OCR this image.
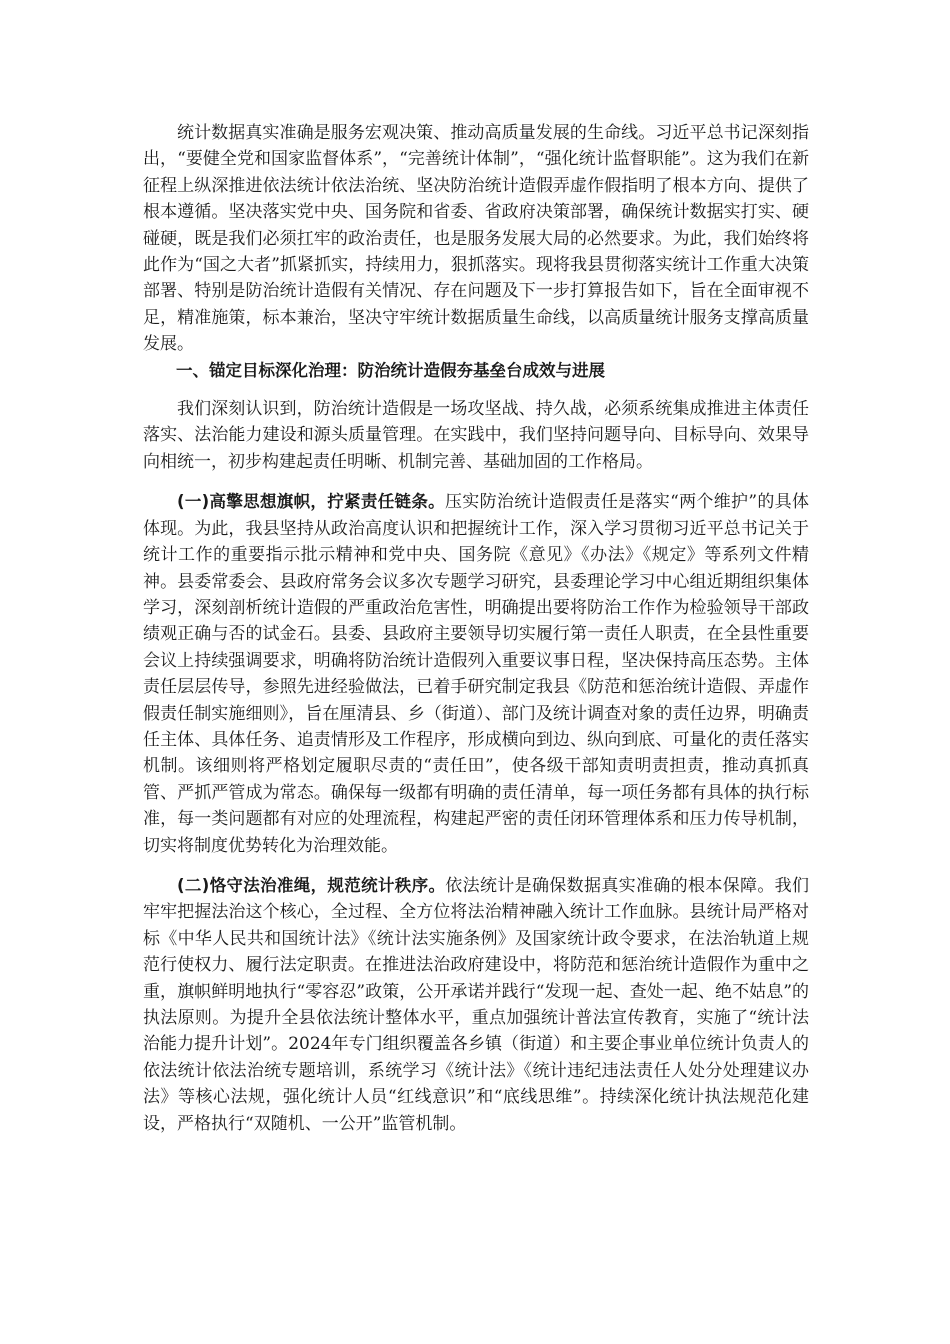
统计数据真实准确是服务宏观决策、推动高质量发展的生命线。习近平总书记深刻指出，“要健全党和国家监督体系”，“完善统计体制”，“强化统计监督职能”。这为我们在新征程上纵深推进依法统计依法治统、坚决防治统计造假弄虚作假指明了根本方向、提供了根本遵循。坚决落实党中央、国务院和省委、省政府决策部署，确保统计数据实打实、硬碰硬，既是我们必须扛牢的政治责任，也是服务发展大局的必然要求。为此，我们始终将此作为“国之大者”抓紧抓实，持续用力，狠抓落实。现将我县贯彻落实统计工作重大决策部署、特别是防治统计造假有关情况、存在问题及下一步打算报告如下，旨在全面审视不足，精准施策，标本兼治，坚决守牢统计数据质量生命线，以高质量统计服务支撑高质量发展。

一、锚定目标深化治理：防治统计造假夯基垒台成效与进展

我们深刻认识到，防治统计造假是一场攻坚战、持久战，必须系统集成推进主体责任落实、法治能力建设和源头质量管理。在实践中，我们坚持问题导向、目标导向、效果导向相统一，初步构建起责任明晰、机制完善、基础加固的工作格局。

(一)高擎思想旗帜，拧紧责任链条。压实防治统计造假责任是落实“两个维护”的具体体现。为此，我县坚持从政治高度认识和把握统计工作，深入学习贯彻习近平总书记关于统计工作的重要指示批示精神和党中央、国务院《意见》《办法》《规定》等系列文件精神。县委常委会、县政府常务会议多次专题学习研究，县委理论学习中心组近期组织集体学习，深刻剖析统计造假的严重政治危害性，明确提出要将防治工作作为检验领导干部政绩观正确与否的试金石。县委、县政府主要领导切实履行第一责任人职责，在全县性重要会议上持续强调要求，明确将防治统计造假列入重要议事日程，坚决保持高压态势。主体责任层层传导，参照先进经验做法，已着手研究制定我县《防范和惩治统计造假、弄虚作假责任制实施细则》，旨在厘清县、乡（街道）、部门及统计调查对象的责任边界，明确责任主体、具体任务、追责情形及工作程序，形成横向到边、纵向到底、可量化的责任落实机制。该细则将严格划定履职尽责的“责任田”，使各级干部知责明责担责，推动真抓真管、严抓严管成为常态。确保每一级都有明确的责任清单，每一项任务都有具体的执行标准，每一类问题都有对应的处理流程，构建起严密的责任闭环管理体系和压力传导机制，切实将制度优势转化为治理效能。

(二)恪守法治准绳，规范统计秩序。依法统计是确保数据真实准确的根本保障。我们牢牢把握法治这个核心，全过程、全方位将法治精神融入统计工作血脉。县统计局严格对标《中华人民共和国统计法》《统计法实施条例》及国家统计政令要求，在法治轨道上规范行使权力、履行法定职责。在推进法治政府建设中，将防范和惩治统计造假作为重中之重，旗帜鲜明地执行“零容忍”政策，公开承诺并践行“发现一起、查处一起、绝不姑息”的执法原则。为提升全县依法统计整体水平，重点加强统计普法宣传教育，实施了“统计法治能力提升计划”。2024年专门组织覆盖各乡镇（街道）和主要企事业单位统计负责人的依法统计依法治统专题培训，系统学习《统计法》《统计违纪违法责任人处分处理建议办法》等核心法规，强化统计人员“红线意识”和“底线思维”。持续深化统计执法规范化建设，严格执行“双随机、一公开”监管机制。
